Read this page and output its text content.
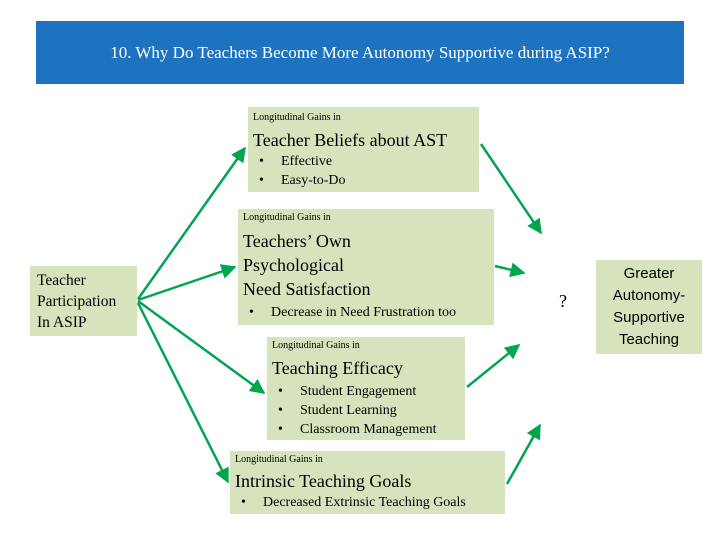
10. Why Do Teachers Become More Autonomy Supportive during ASIP?
Teacher
Participation
In ASIP
Longitudinal Gains in
Teacher Beliefs about AST
• Effective
• Easy-to-Do
Longitudinal Gains in
Teachers’ Own
Psychological
Need Satisfaction
• Decrease in Need Frustration too
Longitudinal Gains in
Teaching Efficacy
• Student Engagement
• Student Learning
• Classroom Management
Longitudinal Gains in
Intrinsic Teaching Goals
• Decreased Extrinsic Teaching Goals
?
Greater
Autonomy-
Supportive
Teaching
